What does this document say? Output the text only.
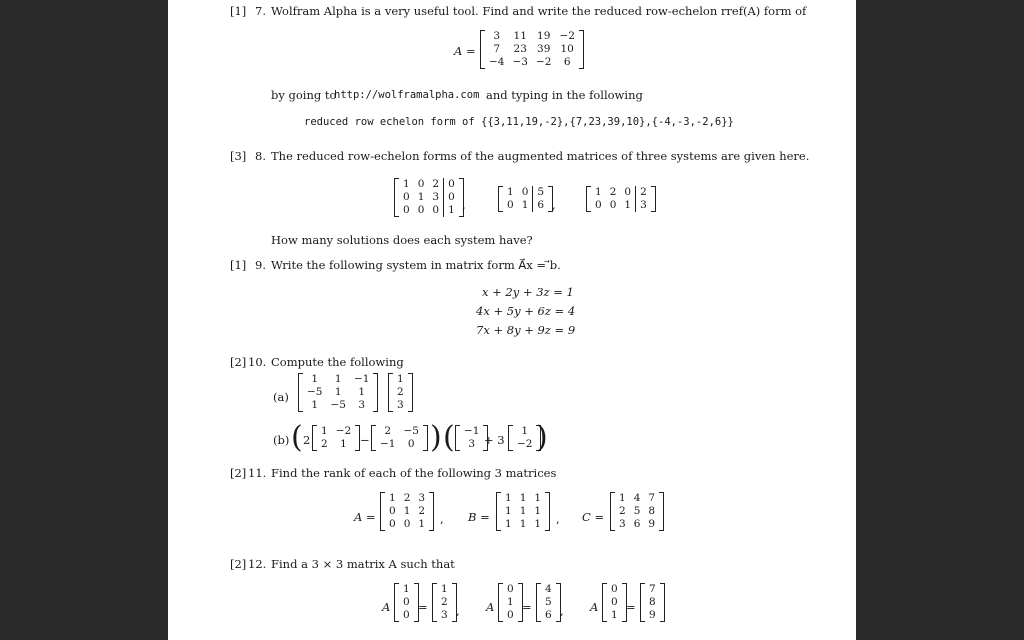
[1] 7. Wolfram Alpha is a very useful tool. Find and write the reduced row-echelon rref(A) form of
A =
3	11	19	−2
7	23	39	10
−4	−3	−2	6
by going to
http://wolframalpha.com and typing in the following
reduced row echelon form of {{3,11,19,-2},{7,23,39,10},{-4,-3,-2,6}}
[3] 8. The reduced row-echelon forms of the augmented matrices of three systems are given here.
1	0	2	0
0	1	3	0
0	0	0	1 ,
1	0	5
0	1	6 ,
1	2	0	2
0	0	1	3
How many solutions does each system have?
[1] 9. Write the following system in matrix form A⃗x = ⃗b.
x + 2y + 3z = 1
4x + 5y + 6z = 4
7x + 8y + 9z = 9
[2] 10. Compute the following
(a)
1	1	−1
−5	1	1
1	−5	3
1
2
3
(b) ( 2
1	−2
2	1 −
2	−5
−1	0 ) ( −1
3 + 3
1
−2 )
[2] 11. Find the rank of each of the following 3 matrices
A =
1	2	3
0	1	2
0	0	1 , B =
1	1	1
1	1	1
1	1	1 , C =
1	4	7
2	5	8
3	6	9
[2] 12. Find a 3 × 3 matrix A such that
A
1
0
0
=
1
2
3 , A
0
1
0
=
4
5
6 , A
0
0
1
=
7
8
9
